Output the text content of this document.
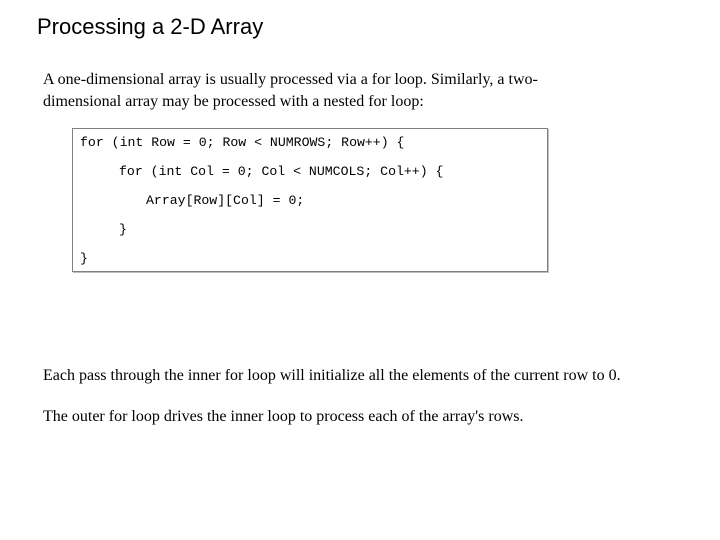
Processing a 2-D Array
A one-dimensional array is usually processed via a for loop. Similarly, a two-
dimensional array may be processed with a nested for loop:
for (int Row = 0; Row < NUMROWS; Row++) {
for (int Col = 0; Col < NUMCOLS; Col++) {
Array[Row][Col] = 0;
}
}
Each pass through the inner for loop will initialize all the elements of the current row to 0.
The outer for loop drives the inner loop to process each of the array's rows.
